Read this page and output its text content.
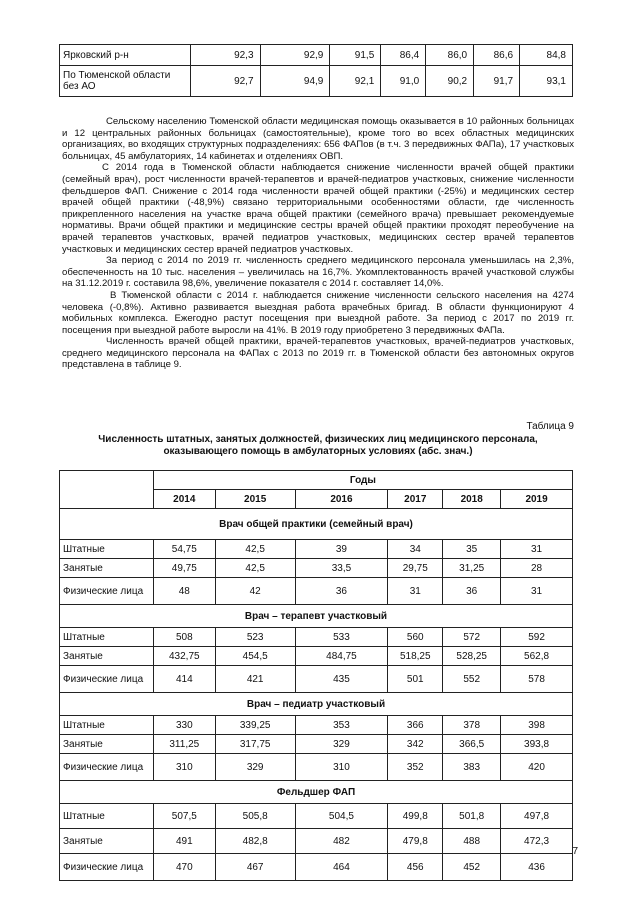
Ярковский р-н	92,3	92,9	91,5	86,4	86,0	86,6	84,8
По Тюменской области без АО	92,7	94,9	92,1	91,0	90,2	91,7	93,1

Сельскому населению Тюменской области медицинская помощь оказывается в 10 районных больницах и 12 центральных районных больницах (самостоятельные), кроме того во всех областных медицинских организациях, во входящих структурных подразделениях: 656 ФАПов (в т.ч. 3 передвижных ФАПа), 17 участковых больницах, 45 амбулаториях, 14 кабинетах и отделениях ОВП.

С 2014 года в Тюменской области наблюдается снижение численности врачей общей практики (семейный врач), рост численности врачей-терапевтов и врачей-педиатров участковых, снижение численности фельдшеров ФАП. Снижение с 2014 года численности врачей общей практики (-25%) и медицинских сестер врачей общей практики (-48,9%) связано территориальными особенностями области, где численность прикрепленного населения на участке врача общей практики (семейного врача) превышает рекомендуемые нормативы. Врачи общей практики и медицинские сестры врачей общей практики проходят переобучение на врачей терапевтов участковых, врачей педиатров участковых, медицинских сестер врачей терапевтов участковых и медицинских сестер врачей педиатров участковых.

За период с 2014 по 2019 гг. численность среднего медицинского персонала уменьшилась на 2,3%, обеспеченность на 10 тыс. населения – увеличилась на 16,7%. Укомплектованность врачей участковой службы на 31.12.2019 г. составила 98,6%, увеличение показателя с 2014 г. составляет 14,0%.

В Тюменской области с 2014 г. наблюдается снижение численности сельского населения на 4274 человека (-0,8%). Активно развивается выездная работа врачебных бригад. В области функционируют 4 мобильных комплекса. Ежегодно растут посещения при выездной работе. За период с 2017 по 2019 гг. посещения при выездной работе выросли на 41%. В 2019 году приобретено 3 передвижных ФАПа.

Численность врачей общей практики, врачей-терапевтов участковых, врачей-педиатров участковых, среднего медицинского персонала на ФАПах с 2013 по 2019 гг. в Тюменской области без автономных округов представлена в таблице 9.

Таблица 9
Численность штатных, занятых должностей, физических лиц медицинского персонала, оказывающего помощь в амбулаторных условиях (абс. знач.)
	Годы					
	2014	2015	2016	2017	2018	2019
Врач общей практики (семейный врач)						
Штатные	54,75	42,5	39	34	35	31
Занятые	49,75	42,5	33,5	29,75	31,25	28
Физические лица	48	42	36	31	36	31
Врач – терапевт участковый						
Штатные	508	523	533	560	572	592
Занятые	432,75	454,5	484,75	518,25	528,25	562,8
Физические лица	414	421	435	501	552	578
Врач – педиатр участковый						
Штатные	330	339,25	353	366	378	398
Занятые	311,25	317,75	329	342	366,5	393,8
Физические лица	310	329	310	352	383	420
Фельдшер ФАП						
Штатные	507,5	505,8	504,5	499,8	501,8	497,8
Занятые	491	482,8	482	479,8	488	472,3
Физические лица	470	467	464	456	452	436
7
